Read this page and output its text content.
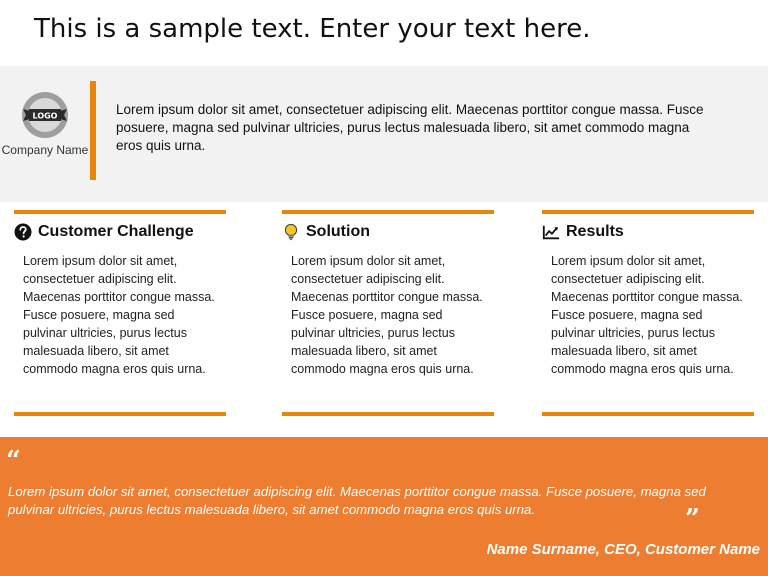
This is a sample text. Enter your text here.
LOGO
Company Name

Lorem ipsum dolor sit amet, consectetuer adipiscing elit. Maecenas porttitor congue massa. Fusce posuere, magna sed pulvinar ultricies, purus lectus malesuada libero, sit amet commodo magna eros quis urna.

Customer Challenge
Lorem ipsum dolor sit amet, consectetuer adipiscing elit. Maecenas porttitor congue massa. Fusce posuere, magna sed pulvinar ultricies, purus lectus malesuada libero, sit amet commodo magna eros quis urna.
Solution
Lorem ipsum dolor sit amet, consectetuer adipiscing elit. Maecenas porttitor congue massa. Fusce posuere, magna sed pulvinar ultricies, purus lectus malesuada libero, sit amet commodo magna eros quis urna.
Results
Lorem ipsum dolor sit amet, consectetuer adipiscing elit. Maecenas porttitor congue massa. Fusce posuere, magna sed pulvinar ultricies, purus lectus malesuada libero, sit amet commodo magna eros quis urna.
“

Lorem ipsum dolor sit amet, consectetuer adipiscing elit. Maecenas porttitor congue massa. Fusce posuere, magna sed pulvinar ultricies, purus lectus malesuada libero, sit amet commodo magna eros quis urna.	”

Name Surname, CEO, Customer Name
